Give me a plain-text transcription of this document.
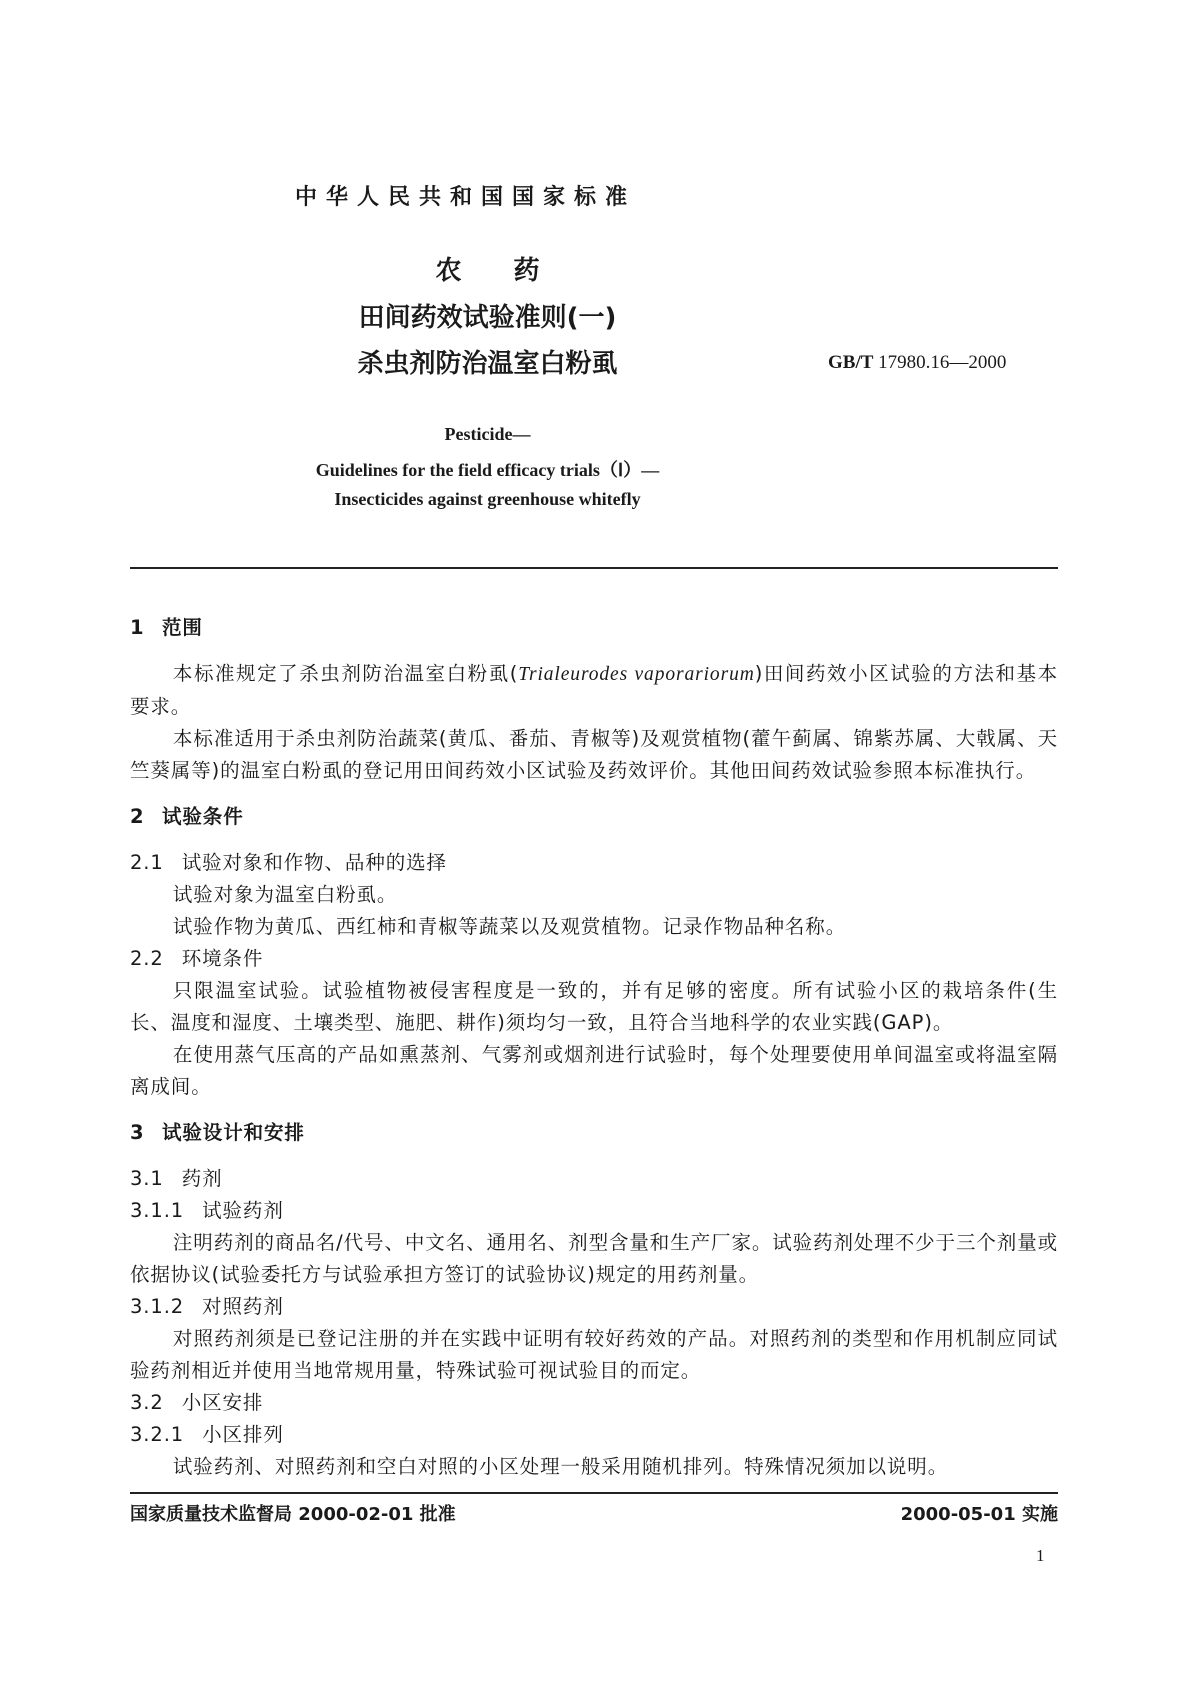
中华人民共和国国家标准
农　　药
田间药效试验准则(一)
杀虫剂防治温室白粉虱	GB/T 17980.16—2000
Pesticide—
Guidelines for the field efficacy trials（Ⅰ）—
Insecticides against greenhouse whitefly
1 范围

本标准规定了杀虫剂防治温室白粉虱(Trialeurodes vaporariorum)田间药效小区试验的方法和基本要求。

本标准适用于杀虫剂防治蔬菜(黄瓜、番茄、青椒等)及观赏植物(藿午蓟属、锦紫苏属、大戟属、天竺葵属等)的温室白粉虱的登记用田间药效小区试验及药效评价。其他田间药效试验参照本标准执行。

2 试验条件
2.1 试验对象和作物、品种的选择

试验对象为温室白粉虱。

试验作物为黄瓜、西红柿和青椒等蔬菜以及观赏植物。记录作物品种名称。

2.2 环境条件

只限温室试验。试验植物被侵害程度是一致的，并有足够的密度。所有试验小区的栽培条件(生长、温度和湿度、土壤类型、施肥、耕作)须均匀一致，且符合当地科学的农业实践(GAP)。

在使用蒸气压高的产品如熏蒸剂、气雾剂或烟剂进行试验时，每个处理要使用单间温室或将温室隔离成间。

3 试验设计和安排
3.1 药剂
3.1.1 试验药剂

注明药剂的商品名/代号、中文名、通用名、剂型含量和生产厂家。试验药剂处理不少于三个剂量或依据协议(试验委托方与试验承担方签订的试验协议)规定的用药剂量。

3.1.2 对照药剂

对照药剂须是已登记注册的并在实践中证明有较好药效的产品。对照药剂的类型和作用机制应同试验药剂相近并使用当地常规用量，特殊试验可视试验目的而定。

3.2 小区安排
3.2.1 小区排列

试验药剂、对照药剂和空白对照的小区处理一般采用随机排列。特殊情况须加以说明。

国家质量技术监督局 2000-02-01 批准	2000-05-01 实施
1
